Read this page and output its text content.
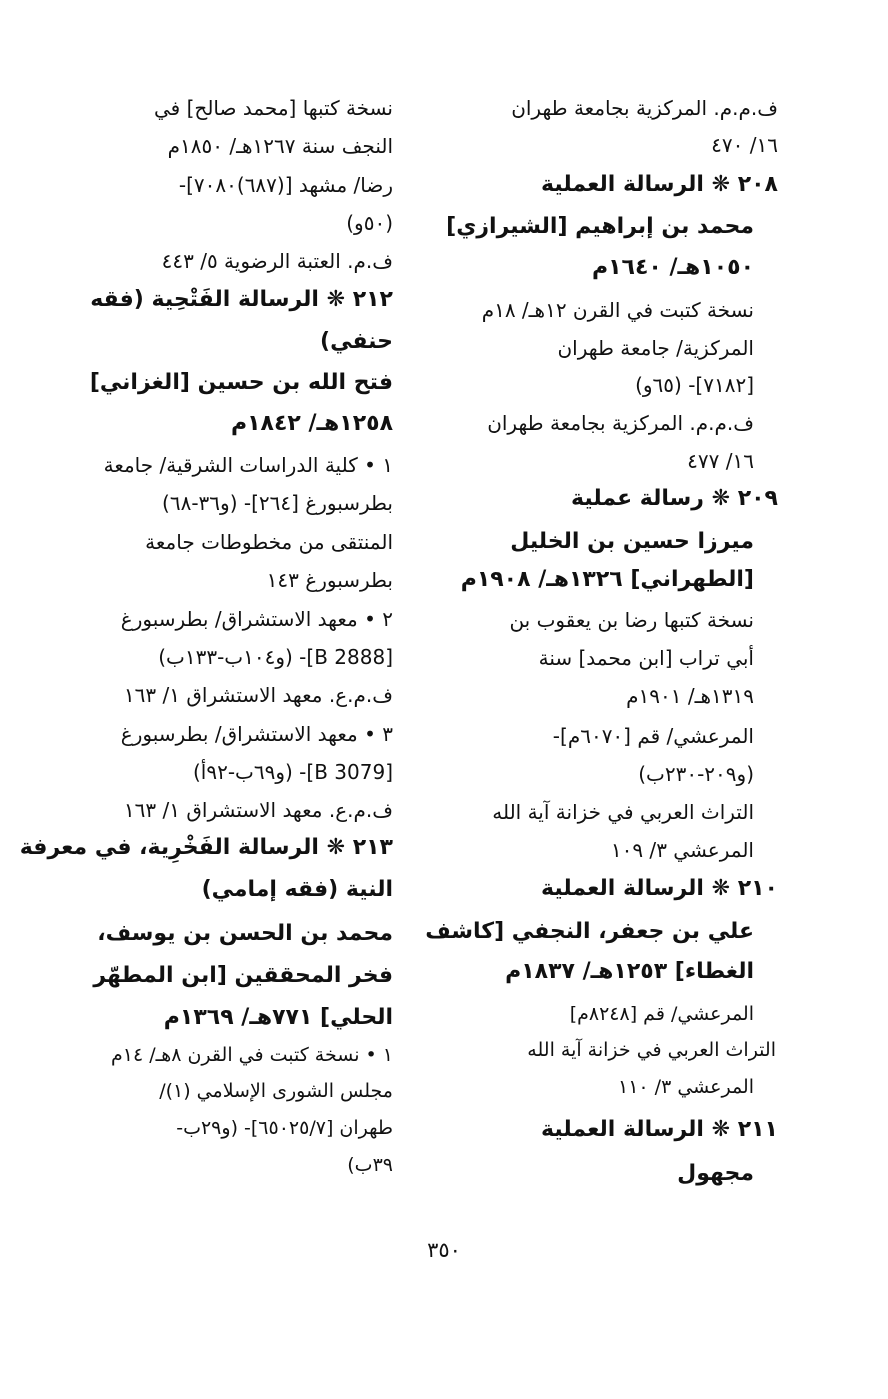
ف.م.م. المركزية بجامعة طهران
١٦/ ٤٧٠
٢٠٨ ❋ الرسالة العملية
محمد بن إبراهيم [الشيرازي]
١٠٥٠هـ/ ١٦٤٠م
نسخة كتبت في القرن ١٢هـ/ ١٨م
المركزية/ جامعة طهران
[٧١٨٢]- (٦٥و)
ف.م.م. المركزية بجامعة طهران
١٦/ ٤٧٧
٢٠٩ ❋ رسالة عملية
ميرزا حسين بن الخليل
[الطهراني] ١٣٢٦هـ/ ١٩٠٨م
نسخة كتبها رضا بن يعقوب بن
أبي تراب [ابن محمد] سنة
١٣١٩هـ/ ١٩٠١م
المرعشي/ قم [٦٠٧٠م]-
(و٢٠٩-٢٣٠ب)
التراث العربي في خزانة آية الله
المرعشي ٣/ ١٠٩
٢١٠ ❋ الرسالة العملية
علي بن جعفر، النجفي [كاشف
الغطاء] ١٢٥٣هـ/ ١٨٣٧م
المرعشي/ قم [٨٢٤٨م]
التراث العربي في خزانة آية الله
المرعشي ٣/ ١١٠
٢١١ ❋ الرسالة العملية
مجهول
نسخة كتبها [محمد صالح] في
النجف سنة ١٢٦٧هـ/ ١٨٥٠م
رضا/ مشهد [(٦٨٧)٧٠٨٠]-
(٥٠و)
ف.م. العتبة الرضوية ٥/ ٤٤٣
٢١٢ ❋ الرسالة الفَتْحِية (فقه
حنفي)
فتح الله بن حسين [الغزاني]
١٢٥٨هـ/ ١٨٤٢م
١ • كلية الدراسات الشرقية/ جامعة
بطرسبورغ [٢٦٤]- (و٣٦-٦٨)
المنتقى من مخطوطات جامعة
بطرسبورغ ١٤٣
٢ • معهد الاستشراق/ بطرسبورغ
[B 2888]- (و١٠٤ب-١٣٣ب)
ف.م.ع. معهد الاستشراق ١/ ١٦٣
٣ • معهد الاستشراق/ بطرسبورغ
[B 3079]- (و٦٩ب-٩٢أ)
ف.م.ع. معهد الاستشراق ١/ ١٦٣
٢١٣ ❋ الرسالة الفَخْرِية، في معرفة
النية (فقه إمامي)
محمد بن الحسن بن يوسف،
فخر المحققين [ابن المطهّر
الحلي] ٧٧١هـ/ ١٣٦٩م
١ • نسخة كتبت في القرن ٨هـ/ ١٤م
مجلس الشورى الإسلامي (١)/
طهران [٦٥٠٢٥/٧]- (و٢٩ب-
٣٩ب)
٣٥٠
